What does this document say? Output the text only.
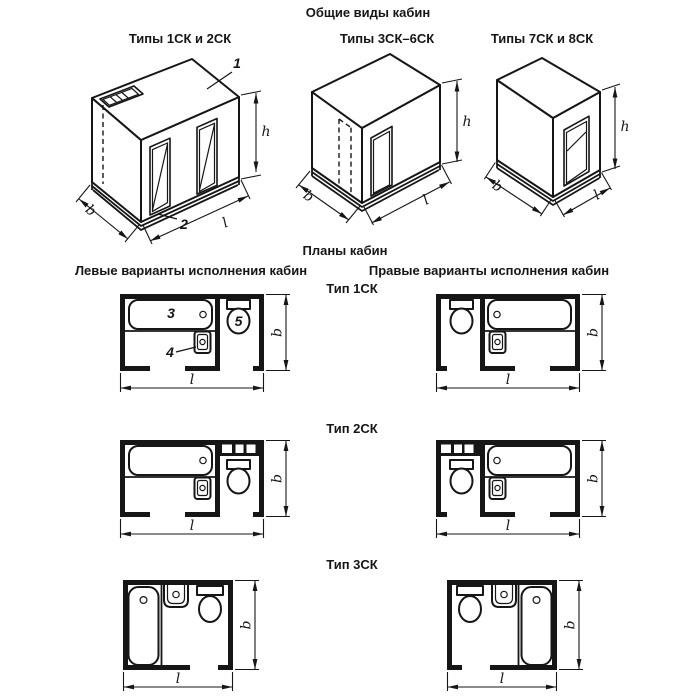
Общие виды кабин
Типы 1СК и 2СК	Типы 3СК–6СК	Типы 7СК и 8СК
Планы кабин
Левые варианты исполнения кабин	Правые варианты исполнения кабин
Тип 1СК
Тип 2СК
Тип 3СК
1
2
h
b
l
h
b	l
h
b	l
3
4
5
l
b
l
b
l
b
l
b
l
b
l
b
